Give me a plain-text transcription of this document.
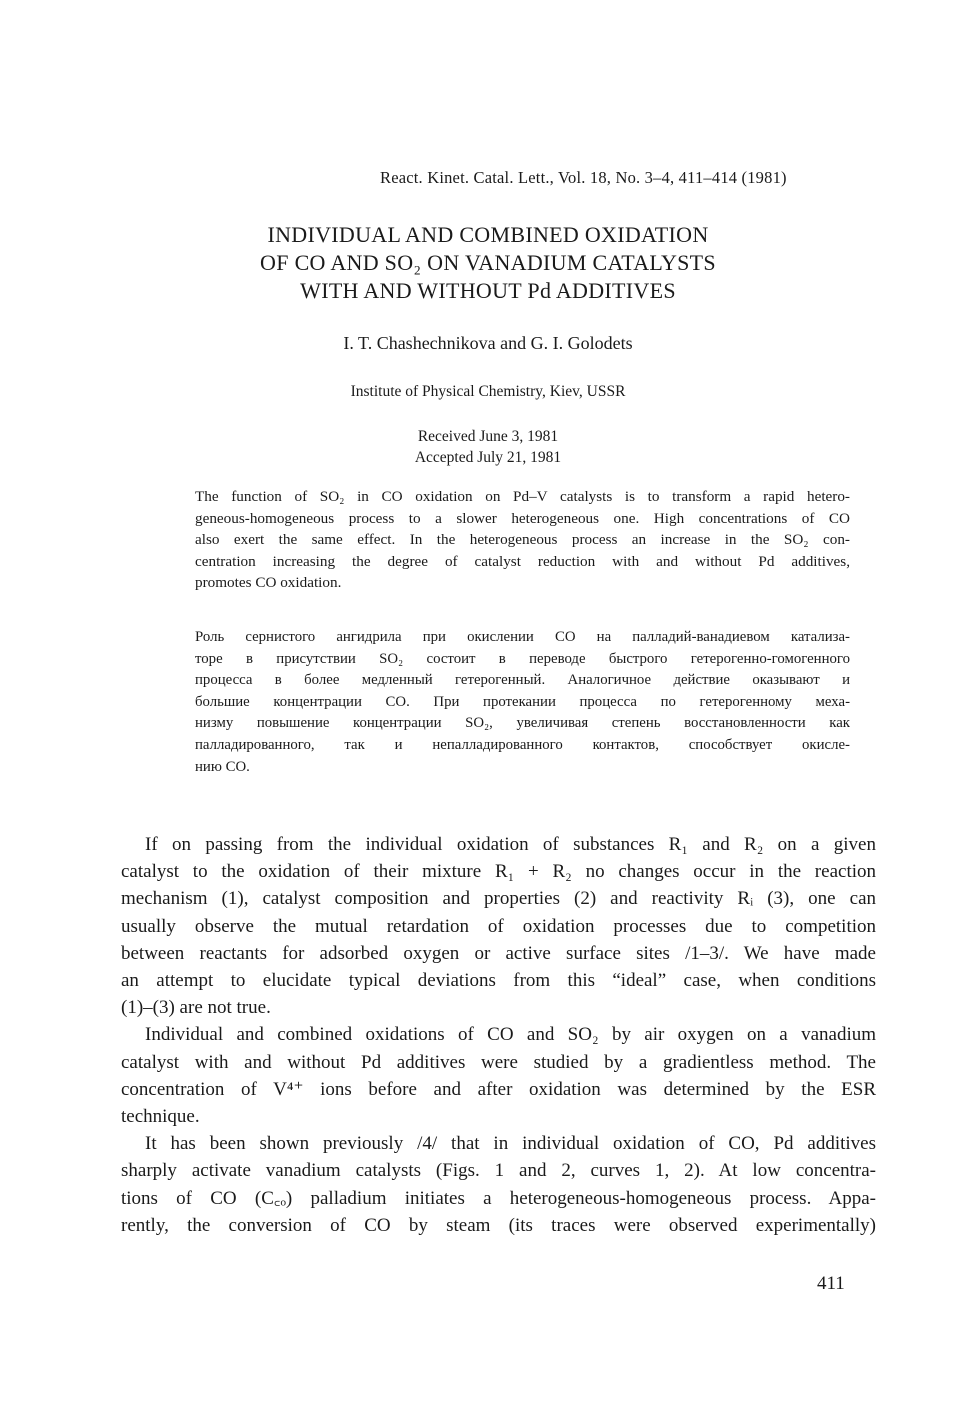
React. Kinet. Catal. Lett., Vol. 18, No. 3–4, 411–414 (1981)
INDIVIDUAL AND COMBINED OXIDATION
OF CO AND SO₂ ON VANADIUM CATALYSTS
WITH AND WITHOUT Pd ADDITIVES
I. T. Chashechnikova and G. I. Golodets
Institute of Physical Chemistry, Kiev, USSR
Received June 3, 1981
Accepted July 21, 1981
The function of SO₂ in CO oxidation on Pd–V catalysts is to transform a rapid hetero-
geneous-homogeneous process to a slower heterogeneous one. High concentrations of CO
also exert the same effect. In the heterogeneous process an increase in the SO₂ con-
centration increasing the degree of catalyst reduction with and without Pd additives,
promotes CO oxidation.
Роль сернистого ангидрила при окислении CO на палладий-ванадиевом катализа-
торе в присутствии SO₂ состоит в переводе быстрого гетерогенно-гомогенного
процесса в более медленный гетерогенный. Аналогичное действие оказывают и
большие концентрации CO. При протекании процесса по гетерогенному меха-
низму повышение концентрации SO₂, увеличивая степень восстановленности как
палладированного, так и непалладированного контактов, способствует окисле-
нию CO.
If on passing from the individual oxidation of substances R₁ and R₂ on a given
catalyst to the oxidation of their mixture R₁ + R₂ no changes occur in the reaction
mechanism (1), catalyst composition and properties (2) and reactivity Rᵢ (3), one can
usually observe the mutual retardation of oxidation processes due to competition
between reactants for adsorbed oxygen or active surface sites /1–3/. We have made
an attempt to elucidate typical deviations from this “ideal” case, when conditions
(1)–(3) are not true.
Individual and combined oxidations of CO and SO₂ by air oxygen on a vanadium
catalyst with and without Pd additives were studied by a gradientless method. The
concentration of V⁴⁺ ions before and after oxidation was determined by the ESR
technique.
It has been shown previously /4/ that in individual oxidation of CO, Pd additives
sharply activate vanadium catalysts (Figs. 1 and 2, curves 1, 2). At low concentra-
tions of CO (C꜀ₒ) palladium initiates a heterogeneous-homogeneous process. Appa-
rently, the conversion of CO by steam (its traces were observed experimentally)
411
